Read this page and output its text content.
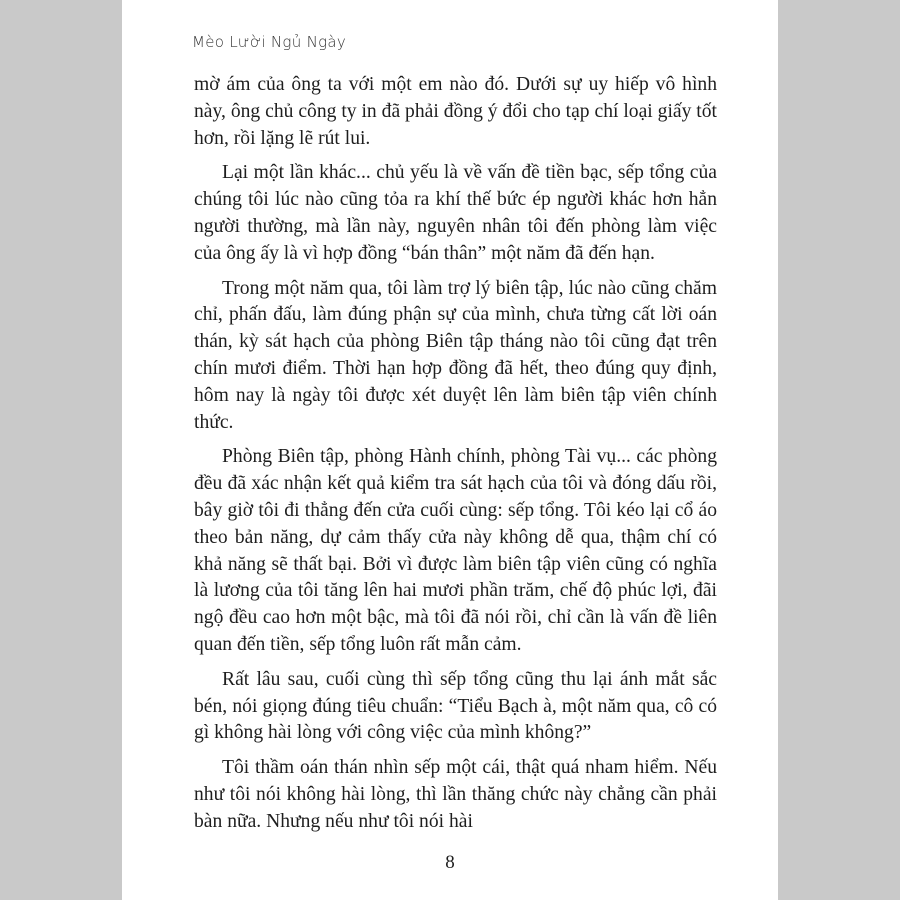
Mèo Lười Ngủ Ngày

mờ ám của ông ta với một em nào đó. Dưới sự uy hiếp vô hình này, ông chủ công ty in đã phải đồng ý đổi cho tạp chí loại giấy tốt hơn, rồi lặng lẽ rút lui.

Lại một lần khác... chủ yếu là về vấn đề tiền bạc, sếp tổng của chúng tôi lúc nào cũng tỏa ra khí thế bức ép người khác hơn hẳn người thường, mà lần này, nguyên nhân tôi đến phòng làm việc của ông ấy là vì hợp đồng “bán thân” một năm đã đến hạn.

Trong một năm qua, tôi làm trợ lý biên tập, lúc nào cũng chăm chỉ, phấn đấu, làm đúng phận sự của mình, chưa từng cất lời oán thán, kỳ sát hạch của phòng Biên tập tháng nào tôi cũng đạt trên chín mươi điểm. Thời hạn hợp đồng đã hết, theo đúng quy định, hôm nay là ngày tôi được xét duyệt lên làm biên tập viên chính thức.

Phòng Biên tập, phòng Hành chính, phòng Tài vụ... các phòng đều đã xác nhận kết quả kiểm tra sát hạch của tôi và đóng dấu rồi, bây giờ tôi đi thẳng đến cửa cuối cùng: sếp tổng. Tôi kéo lại cổ áo theo bản năng, dự cảm thấy cửa này không dễ qua, thậm chí có khả năng sẽ thất bại. Bởi vì được làm biên tập viên cũng có nghĩa là lương của tôi tăng lên hai mươi phần trăm, chế độ phúc lợi, đãi ngộ đều cao hơn một bậc, mà tôi đã nói rồi, chỉ cần là vấn đề liên quan đến tiền, sếp tổng luôn rất mẫn cảm.

Rất lâu sau, cuối cùng thì sếp tổng cũng thu lại ánh mắt sắc bén, nói giọng đúng tiêu chuẩn: “Tiểu Bạch à, một năm qua, cô có gì không hài lòng với công việc của mình không?”

Tôi thầm oán thán nhìn sếp một cái, thật quá nham hiểm. Nếu như tôi nói không hài lòng, thì lần thăng chức này chẳng cần phải bàn nữa. Nhưng nếu như tôi nói hài

8
